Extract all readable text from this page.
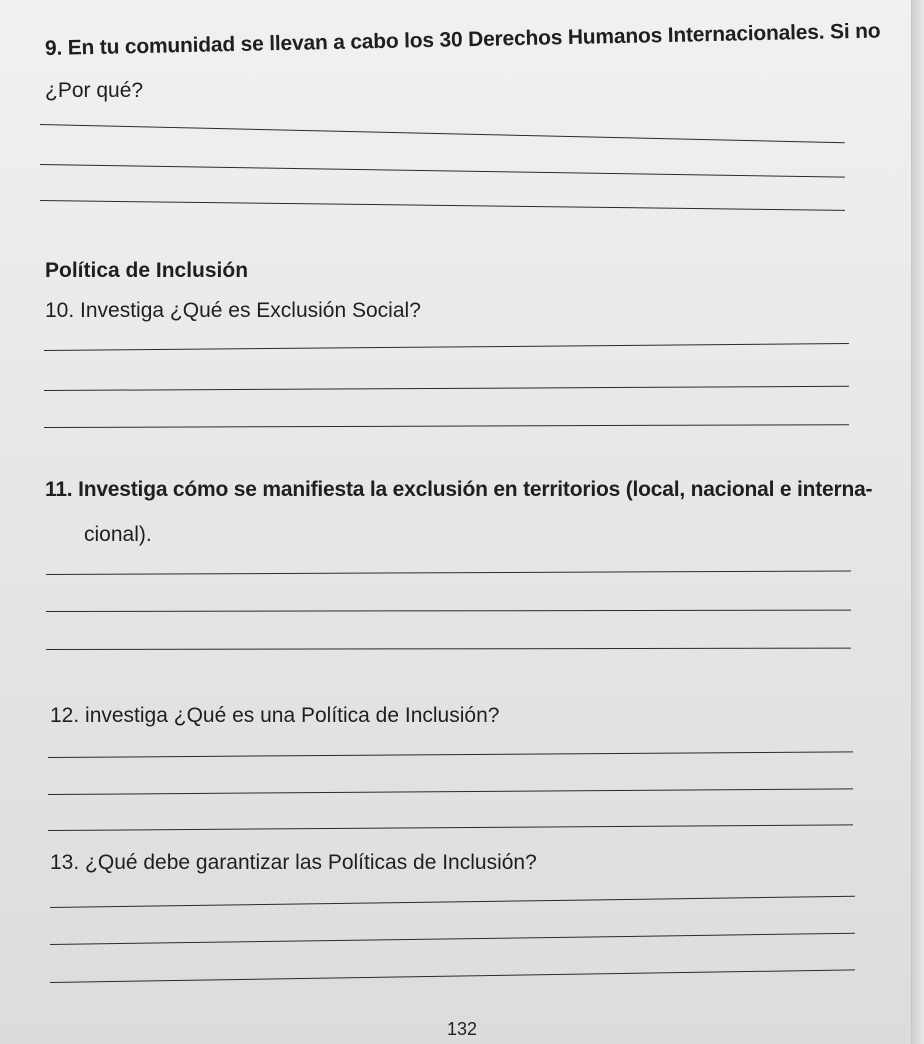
9. En tu comunidad se llevan a cabo los 30 Derechos Humanos Internacionales. Si no
¿Por qué?
Política de Inclusión
10. Investiga ¿Qué es Exclusión Social?
11. Investiga cómo se manifiesta la exclusión en territorios (local, nacional e interna-
cional).
12. investiga ¿Qué es una Política de Inclusión?
13. ¿Qué debe garantizar las Políticas de Inclusión?
132
